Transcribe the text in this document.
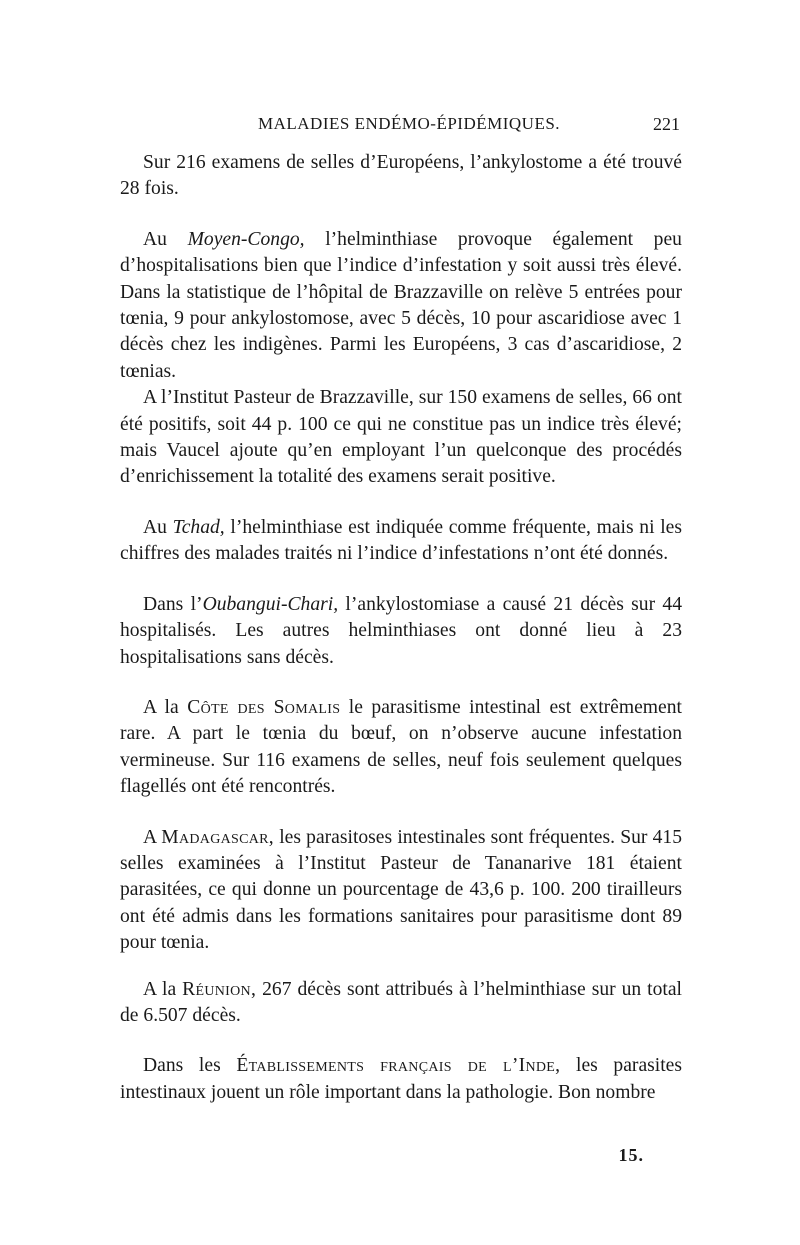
MALADIES ENDÉMO-ÉPIDÉMIQUES.	221

Sur 216 examens de selles d’Européens, l’ankylostome a été trouvé 28 fois.

Au Moyen-Congo, l’helminthiase provoque également peu d’hospitalisations bien que l’indice d’infestation y soit aussi très élevé. Dans la statistique de l’hôpital de Brazzaville on relève 5 entrées pour tœnia, 9 pour ankylostomose, avec 5 décès, 10 pour ascaridiose avec 1 décès chez les indigènes. Parmi les Européens, 3 cas d’ascaridiose, 2 tœnias.

A l’Institut Pasteur de Brazzaville, sur 150 examens de selles, 66 ont été positifs, soit 44 p. 100 ce qui ne constitue pas un indice très élevé; mais Vaucel ajoute qu’en employant l’un quelconque des procédés d’enrichissement la totalité des examens serait positive.

Au Tchad, l’helminthiase est indiquée comme fréquente, mais ni les chiffres des malades traités ni l’indice d’infestations n’ont été donnés.

Dans l’Oubangui-Chari, l’ankylostomiase a causé 21 décès sur 44 hospitalisés. Les autres helminthiases ont donné lieu à 23 hospitalisations sans décès.

A la Côte des Somalis le parasitisme intestinal est extrêmement rare. A part le tœnia du bœuf, on n’observe aucune infestation vermineuse. Sur 116 examens de selles, neuf fois seulement quelques flagellés ont été rencontrés.

A Madagascar, les parasitoses intestinales sont fréquentes. Sur 415 selles examinées à l’Institut Pasteur de Tananarive 181 étaient parasitées, ce qui donne un pourcentage de 43,6 p. 100. 200 tirailleurs ont été admis dans les formations sanitaires pour parasitisme dont 89 pour tœnia.

A la Réunion, 267 décès sont attribués à l’helminthiase sur un total de 6.507 décès.

Dans les Établissements français de l’Inde, les parasites intestinaux jouent un rôle important dans la pathologie. Bon nombre

15.
